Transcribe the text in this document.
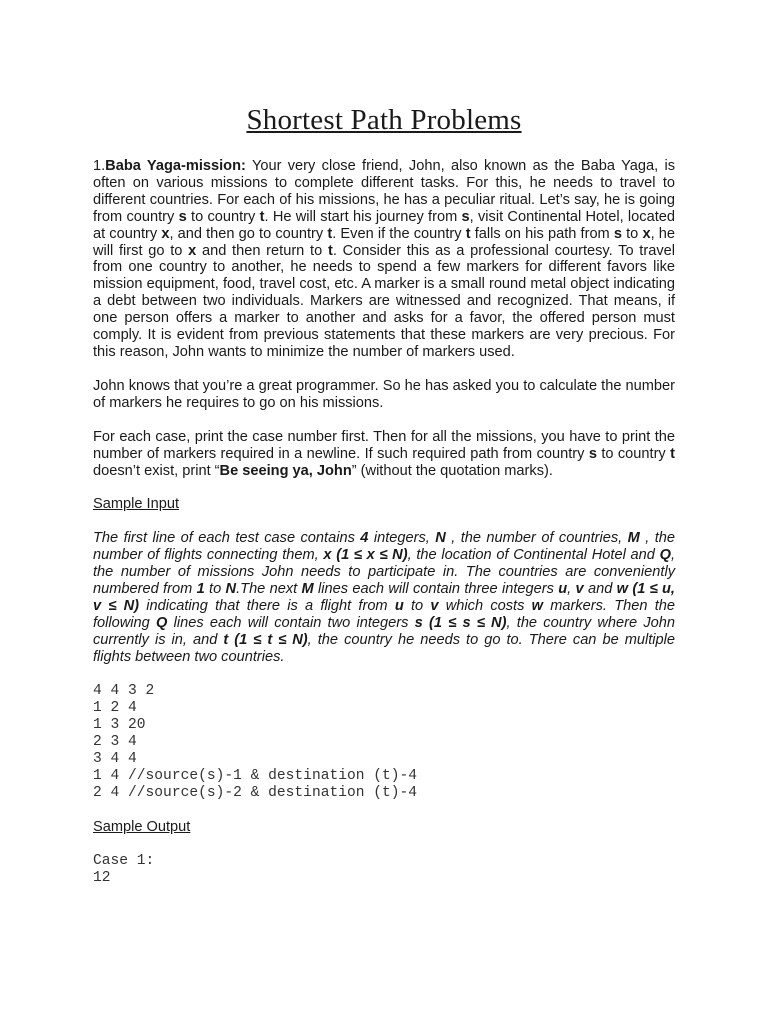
Shortest Path Problems

1.Baba Yaga-mission: Your very close friend, John, also known as the Baba Yaga, is often on various missions to complete different tasks. For this, he needs to travel to different countries. For each of his missions, he has a peculiar ritual. Let’s say, he is going from country s to country t. He will start his journey from s, visit Continental Hotel, located at country x, and then go to country t. Even if the country t falls on his path from s to x, he will first go to x and then return to t. Consider this as a professional courtesy. To travel from one country to another, he needs to spend a few markers for different favors like mission equipment, food, travel cost, etc. A marker is a small round metal object indicating a debt between two individuals. Markers are witnessed and recognized. That means, if one person offers a marker to another and asks for a favor, the offered person must comply. It is evident from previous statements that these markers are very precious. For this reason, John wants to minimize the number of markers used.

John knows that you’re a great programmer. So he has asked you to calculate the number of markers he requires to go on his missions.

For each case, print the case number first. Then for all the missions, you have to print the number of markers required in a newline. If such required path from country s to country t doesn’t exist, print “Be seeing ya, John” (without the quotation marks).

Sample Input

The first line of each test case contains 4 integers, N , the number of countries, M , the number of flights connecting them, x (1 ≤ x ≤ N), the location of Continental Hotel and Q, the number of missions John needs to participate in. The countries are conveniently numbered from 1 to N.The next M lines each will contain three integers u, v and w (1 ≤ u, v ≤ N) indicating that there is a flight from u to v which costs w markers. Then the following Q lines each will contain two integers s (1 ≤ s ≤ N), the country where John currently is in, and t (1 ≤ t ≤ N), the country he needs to go to. There can be multiple flights between two countries.

4 4 3 2
1 2 4
1 3 20
2 3 4
3 4 4
1 4 //source(s)-1 & destination (t)-4
2 4 //source(s)-2 & destination (t)-4

Sample Output

Case 1:
12
